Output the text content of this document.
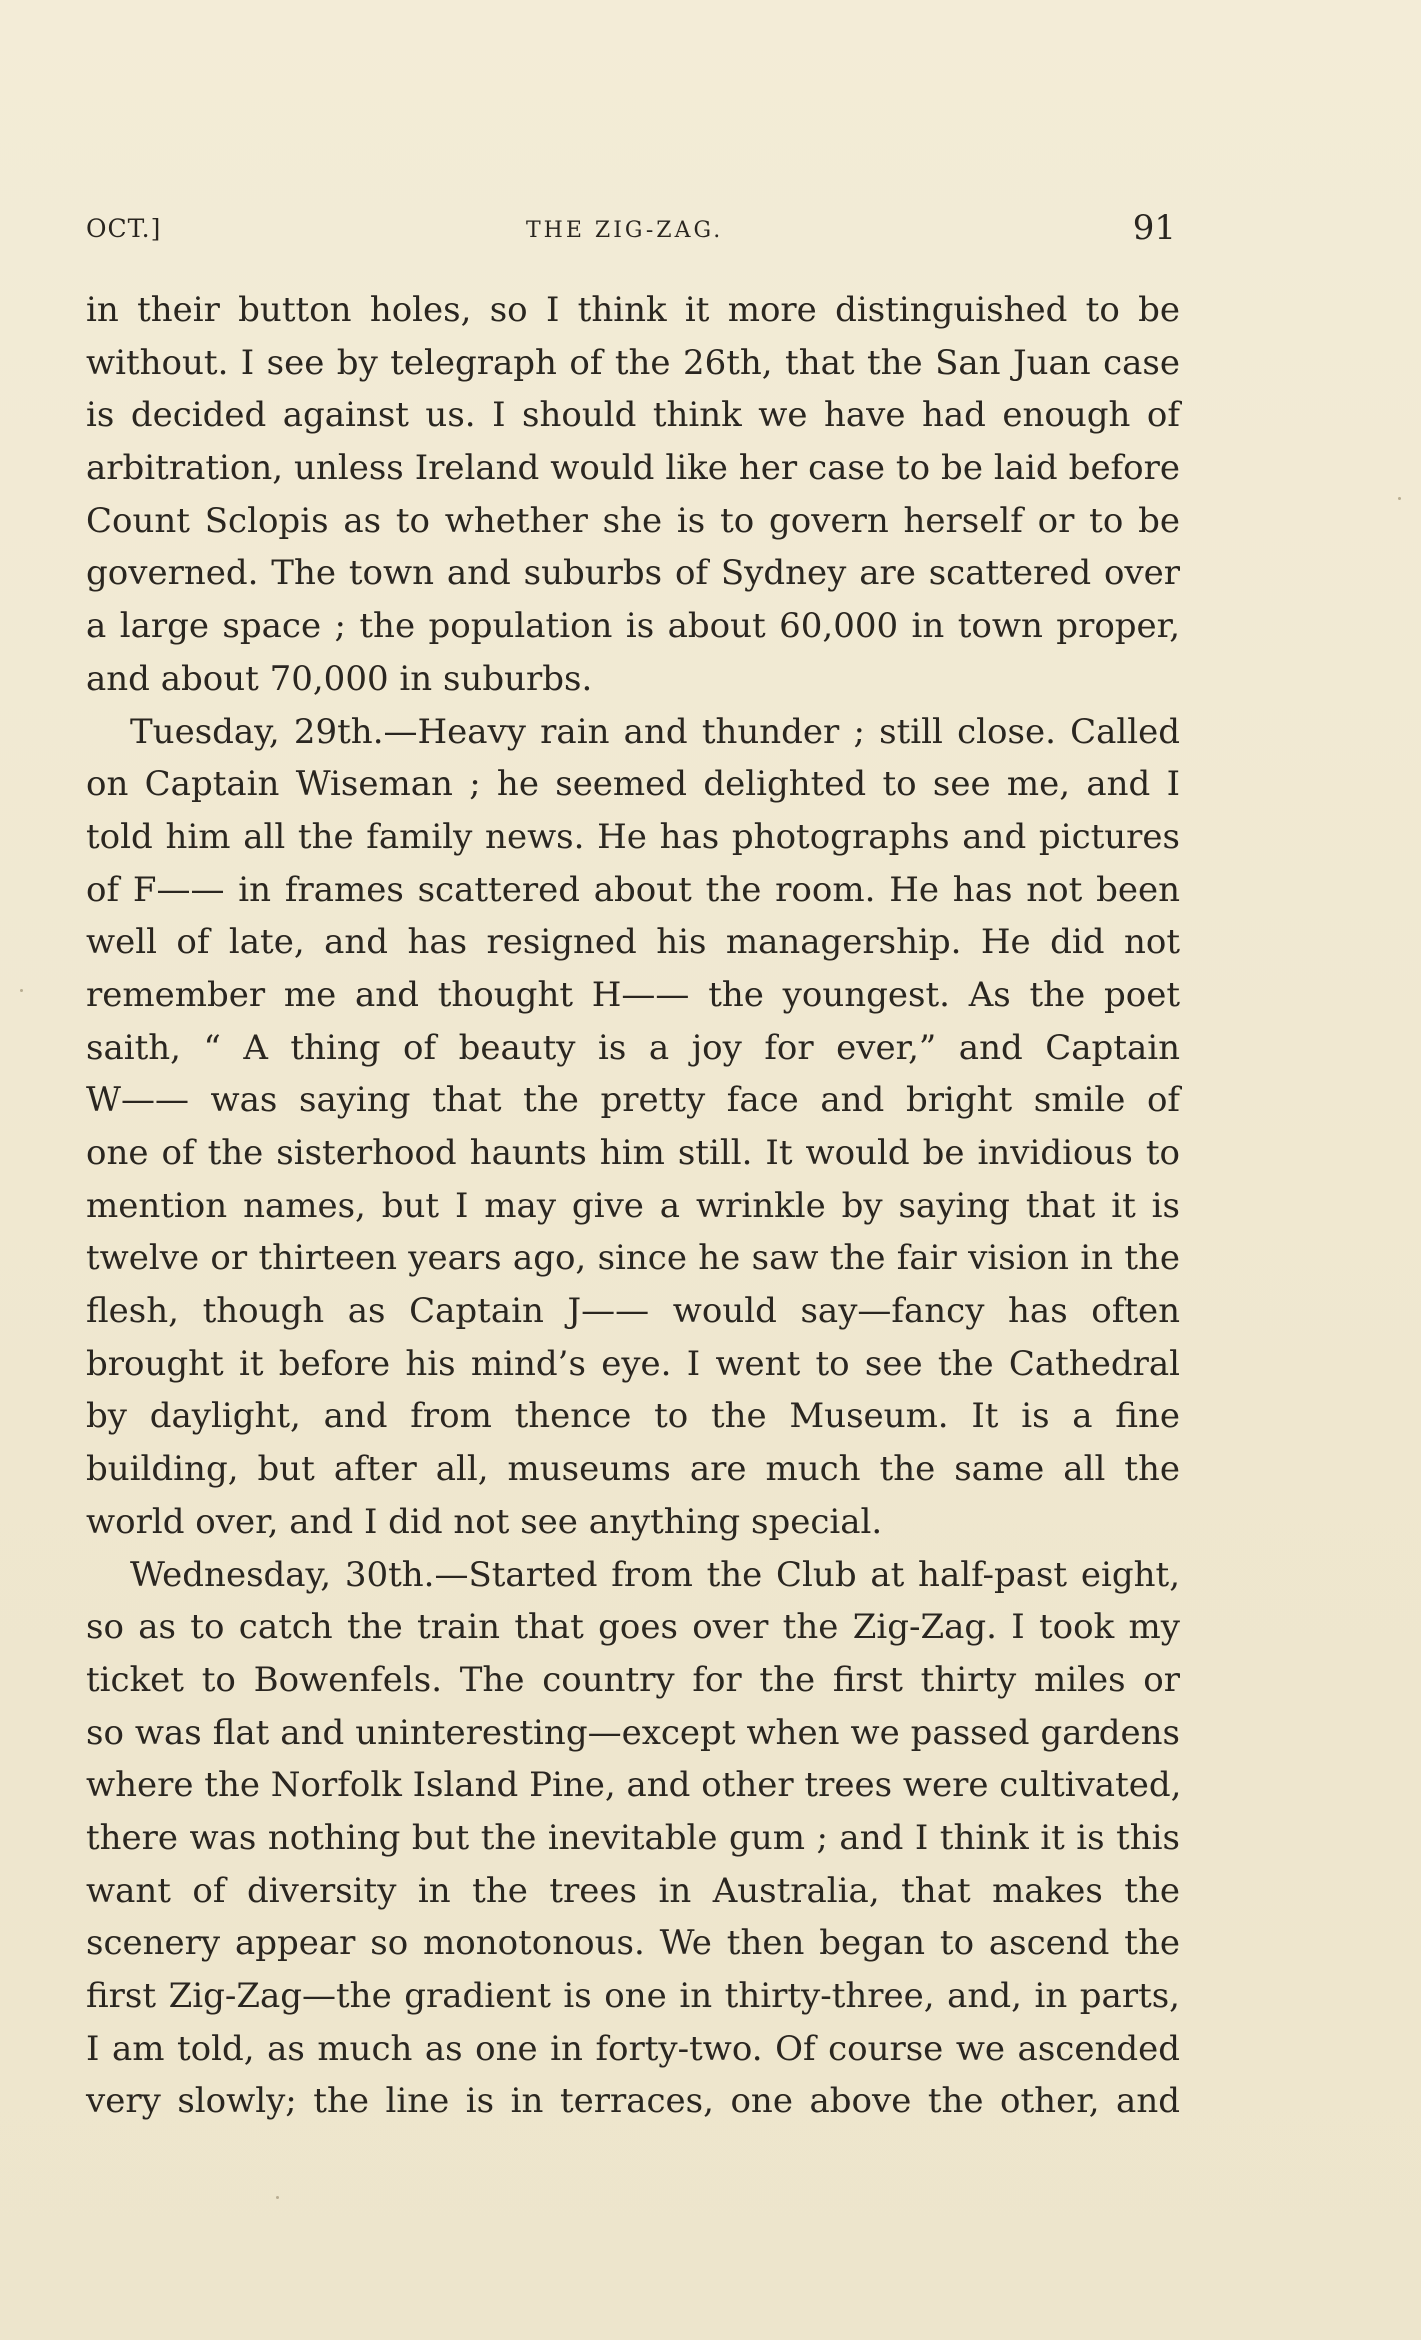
OCT.]	THE ZIG-ZAG.	91
in their button holes, so I think it more distinguished to be
without. I see by telegraph of the 26th, that the San Juan case
is decided against us. I should think we have had enough of
arbitration, unless Ireland would like her case to be laid before
Count Sclopis as to whether she is to govern herself or to be
governed. The town and suburbs of Sydney are scattered over
a large space ; the population is about 60,000 in town proper,
and about 70,000 in suburbs.
Tuesday, 29th.—Heavy rain and thunder ; still close. Called
on Captain Wiseman ; he seemed delighted to see me, and I
told him all the family news. He has photographs and pictures
of F—— in frames scattered about the room. He has not been
well of late, and has resigned his managership. He did not
remember me and thought H—— the youngest. As the poet
saith, “ A thing of beauty is a joy for ever,” and Captain
W—— was saying that the pretty face and bright smile of
one of the sisterhood haunts him still. It would be invidious to
mention names, but I may give a wrinkle by saying that it is
twelve or thirteen years ago, since he saw the fair vision in the
flesh, though as Captain J—— would say—fancy has often
brought it before his mind’s eye. I went to see the Cathedral
by daylight, and from thence to the Museum. It is a fine
building, but after all, museums are much the same all the
world over, and I did not see anything special.
Wednesday, 30th.—Started from the Club at half-past eight,
so as to catch the train that goes over the Zig-Zag. I took my
ticket to Bowenfels. The country for the first thirty miles or
so was flat and uninteresting—except when we passed gardens
where the Norfolk Island Pine, and other trees were cultivated,
there was nothing but the inevitable gum ; and I think it is this
want of diversity in the trees in Australia, that makes the
scenery appear so monotonous. We then began to ascend the
first Zig-Zag—the gradient is one in thirty-three, and, in parts,
I am told, as much as one in forty-two. Of course we ascended
very slowly; the line is in terraces, one above the other, and
